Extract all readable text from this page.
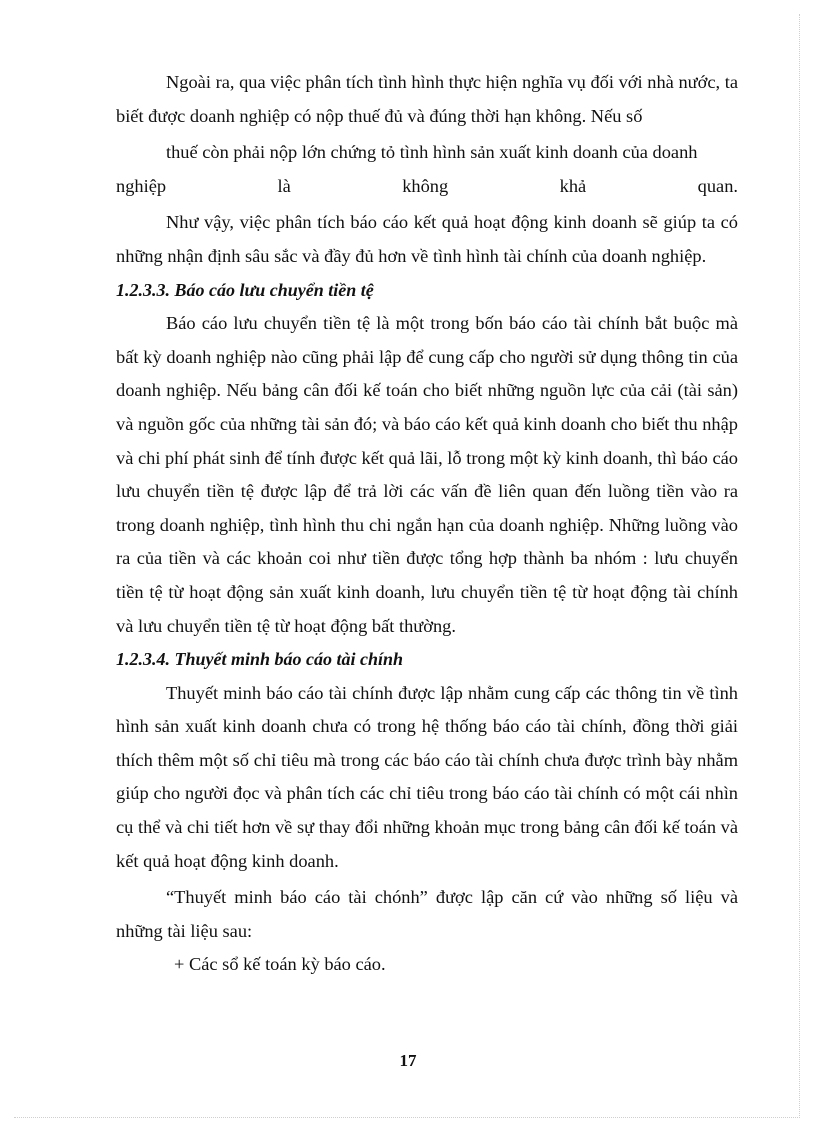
Ngoài ra, qua việc phân tích tình hình thực hiện nghĩa vụ đối với nhà nước, ta biết được doanh nghiệp có nộp thuế đủ và đúng thời hạn không. Nếu số

thuế còn phải nộp lớn chứng tỏ tình hình sản xuất kinh doanh của doanh

nghiệp là không khả quan.

Như vậy, việc phân tích báo cáo kết quả hoạt động kinh doanh sẽ giúp ta có những nhận định sâu sắc và đầy đủ hơn về tình hình tài chính của doanh nghiệp.

1.2.3.3. Báo cáo lưu chuyển tiền tệ

Báo cáo lưu chuyển tiền tệ là một trong bốn báo cáo tài chính bắt buộc mà bất kỳ doanh nghiệp nào cũng phải lập để cung cấp cho người sử dụng thông tin của doanh nghiệp. Nếu bảng cân đối kế toán cho biết những nguồn lực của cải (tài sản) và nguồn gốc của những tài sản đó; và báo cáo kết quả kinh doanh cho biết thu nhập và chi phí phát sinh để tính được kết quả lãi, lỗ trong một kỳ kinh doanh, thì báo cáo lưu chuyển tiền tệ được lập để trả lời các vấn đề liên quan đến luồng tiền vào ra trong doanh nghiệp, tình hình thu chi ngắn hạn của doanh nghiệp. Những luồng vào ra của tiền và các khoản coi như tiền được tổng hợp thành ba nhóm : lưu chuyển tiền tệ từ hoạt động sản xuất kinh doanh, lưu chuyển tiền tệ từ hoạt động tài chính và lưu chuyển tiền tệ từ hoạt động bất thường.

1.2.3.4. Thuyết minh báo cáo tài chính

Thuyết minh báo cáo tài chính được lập nhằm cung cấp các thông tin về tình hình sản xuất kinh doanh chưa có trong hệ thống báo cáo tài chính, đồng thời giải thích thêm một số chỉ tiêu mà trong các báo cáo tài chính chưa được trình bày nhằm giúp cho người đọc và phân tích các chỉ tiêu trong báo cáo tài chính có một cái nhìn cụ thể và chi tiết hơn về sự thay đổi những khoản mục trong bảng cân đối kế toán và kết quả hoạt động kinh doanh.

“Thuyết minh báo cáo tài chónh” được lập căn cứ vào những số liệu và những tài liệu sau:

+ Các sổ kế toán kỳ báo cáo.

17
